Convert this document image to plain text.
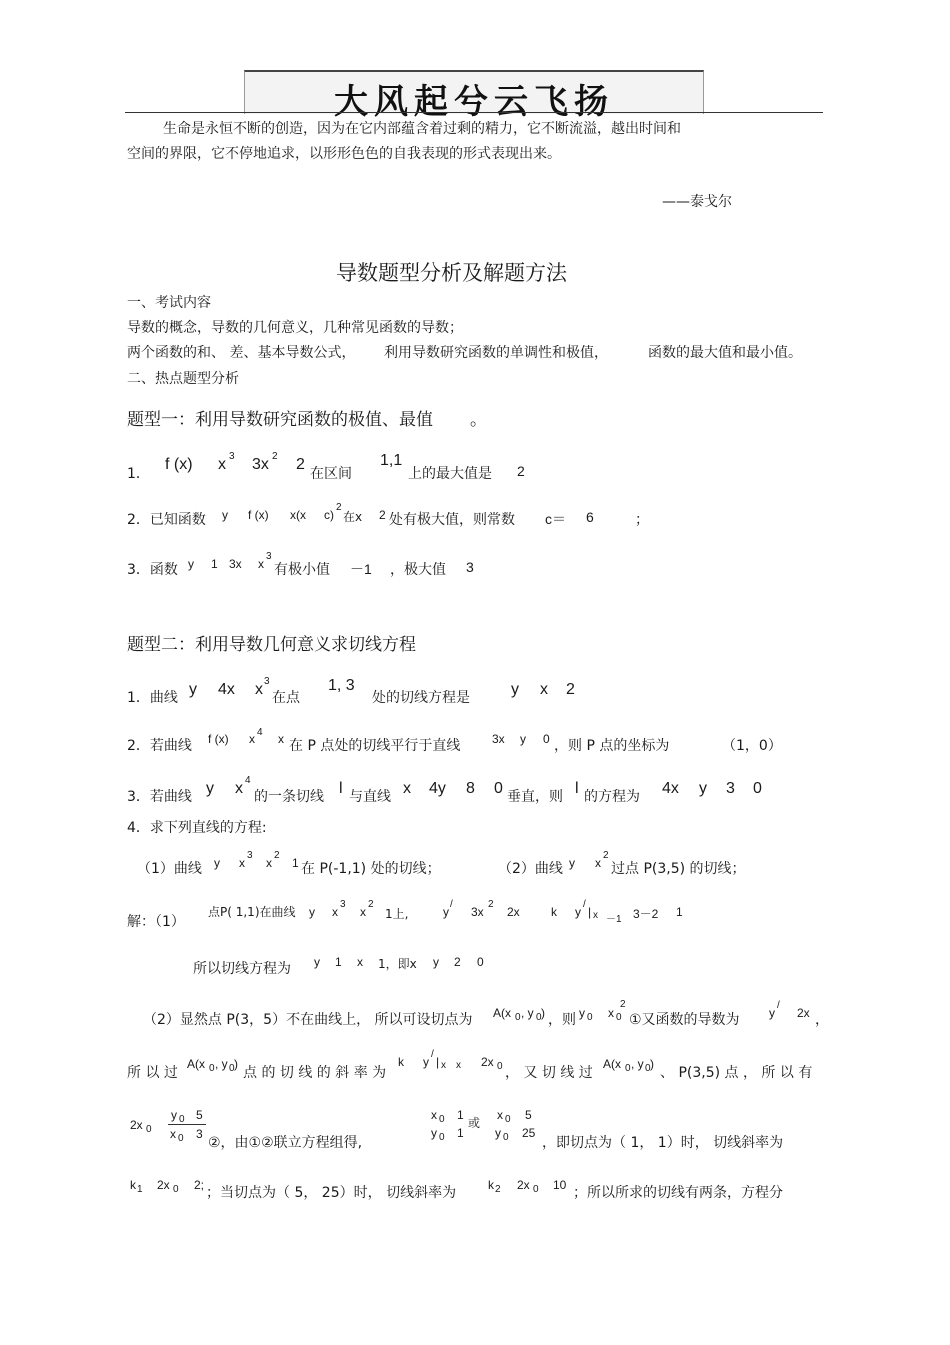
大风起兮云飞扬
生命是永恒不断的创造，因为在它内部蕴含着过剩的精力，它不断流溢，越出时间和
空间的界限，它不停地追求，以形形色色的自我表现的形式表现出来。
——泰戈尔
导数题型分析及解题方法
一、考试内容
导数的概念，导数的几何意义，几种常见函数的导数；
两个函数的和、 差、基本导数公式， 利用导数研究函数的单调性和极值，	函数的最大值和最小值。
二、热点题型分析
题型一：利用导数研究函数的极值、最值 。
1．
f (x) x 3 3x 2 2
在区间
1,1
上的最大值是 2
2．已知函数 y f (x) x(x c)
2
在x 2 处有极大值，则常数 c＝ 6	；
3．函数 y 1 3x x
3
有极小值 －1 ，极大值 3
题型二：利用导数几何意义求切线方程
1．曲线 y 4x x 3
在点
1, 3
处的切线方程是	y x 2
2．若曲线 f (x) x 4 x 在 P 点处的切线平行于直线	3x y 0 ，则 P 点的坐标为	（1，0）
3．若曲线 y x 4
的一条切线 l 与直线 x 4y 8 0 垂直，则 l 的方程为 4x y 3 0
4．求下列直线的方程:
（1）曲线 y x
3
x
2
1 在 P(-1,1) 处的切线；	（2）曲线 y x
2
过点 P(3,5) 的切线；
解：（1）
点P( 1,1)在曲线 y x
3
x
2
1上,	y
/
3x
2
2x	k y
/
| x －1 3－2 1
所以切线方程为 y 1 x 1，即x y 2 0
（2）显然点 P(3，5）不在曲线上， 所以可设切点为 A(x 0 , y 0 ) ，则 y 0 x 0
2
①又函数的导数为 y
/
2x ，
所 以 过
A(x 0 , y 0 )
点 的 切 线 的 斜 率 为
k y
/
| x x 2x 0 ， 又 切 线 过
A(x 0 , y 0 )
、 P(3,5) 点 ， 所 以 有
2x 0
y 0 5
x 0 3
②，由①②联立方程组得,
x 0 1
或
x 0 5
y 0 1	y 0 25
，即切点为（ 1， 1）时， 切线斜率为
k 1 2x 0 2; ；当切点为（ 5， 25）时， 切线斜率为	k 2 2x 0 10 ；所以所求的切线有两条，方程分
